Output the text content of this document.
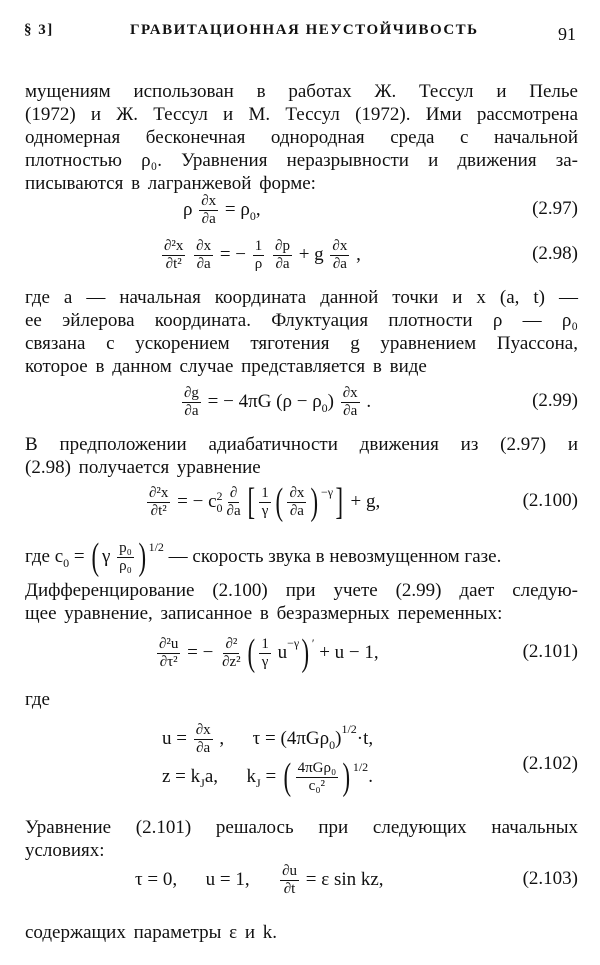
§ 3]	ГРАВИТАЦИОННАЯ НЕУСТОЙЧИВОСТЬ	91
мущениям использован в работах Ж. Тессул и Пелье
(1972) и Ж. Тессул и М. Тессул (1972). Ими рассмотрена
одномерная бесконечная однородная среда с начальной
плотностью ρ₀. Уравнения неразрывности и движения за-
писываются в лагранжевой форме:
где a — начальная координата данной точки и x (a, t) —
ее эйлерова координата. Флуктуация плотности ρ — ρ₀
связана с ускорением тяготения g уравнением Пуассона,
которое в данном случае представляется в виде
В предположении адиабатичности движения из (2.97) и
(2.98) получается уравнение
Дифференцирование (2.100) при учете (2.99) дает следую-
щее уравнение, записанное в безразмерных переменных:
где
Уравнение (2.101) решалось при следующих начальных
условиях:
содержащих параметры ε и k.
ρ $\frac{\partial x}{\partial a} = \rho$ 0 ,	(2.97)
$\frac{\text{∂²x}}{\text{∂t²}}$
$\frac{\partial x}{\partial a}$ = − $\frac{1}{\rho}$
$\frac{\partial p}{\partial a} + g \frac{\partial x}{\partial a}$ ,	(2.98)
$\frac{\partial g}{\partial a}$ = − 4πG (ρ − ρ 0 ) $\frac{\partial x}{\partial a}$ .	(2.99)
$\frac{\text{∂²x}}{\text{∂t²}}$ = − c 2
0
∂
∂a [ $\frac{1}{\gamma}$ ( $\frac{\partial x}{\partial a}$ ) −γ ] + g,	(2.100)
где c 0 = ( γ $\frac{\text{p₀}}{\text{ρ₀}}$ ) 1/2 — скорость звука в невозмущенном газе.
$\frac{\text{∂²u}}{\text{∂τ²}}$ = − ∂²
∂z² ( $\frac{1}{\gamma}$ u −γ ) ′ + u − 1,	(2.101)
$u = \frac{\partial x}{\partial a}$ ,      τ = (4πGρ 0 ) 1/2 ·t,
(2.102)
z = k J a,      k J = ( 4πGρ₀
c₀² ) 1/2 .
τ = 0,      u = 1, $\frac{\partial u}{\partial t} = \varepsilon$ sin kz,	(2.103)
